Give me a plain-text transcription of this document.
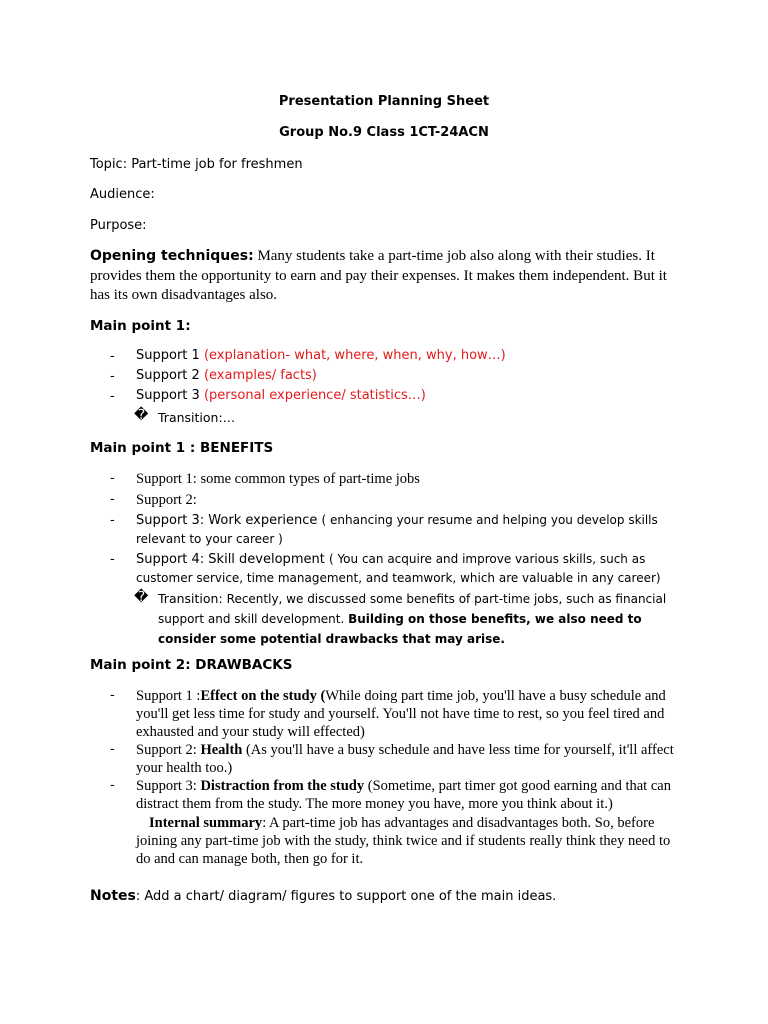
Presentation Planning Sheet
Group No.9 Class 1CT-24ACN
Topic: Part-time job for freshmen
Audience:
Purpose:
Opening techniques: Many students take a part-time job also along with their studies. It provides them the opportunity to earn and pay their expenses. It makes them independent. But it has its own disadvantages also.
Main point 1:
- Support 1 (explanation- what, where, when, why, how…)
- Support 2 (examples/ facts)
- Support 3 (personal experience/ statistics…)
� Transition:…
Main point 1 : BENEFITS
- Support 1: some common types of part-time jobs
- Support 2:
- Support 3: Work experience ( enhancing your resume and helping you develop skills relevant to your career )
- Support 4: Skill development ( You can acquire and improve various skills, such as customer service, time management, and teamwork, which are valuable in any career)
� Transition: Recently, we discussed some benefits of part-time jobs, such as financial support and skill development. Building on those benefits, we also need to consider some potential drawbacks that may arise.
Main point 2: DRAWBACKS
- Support 1 :Effect on the study (While doing part time job, you'll have a busy schedule and you'll get less time for study and yourself. You'll not have time to rest, so you feel tired and exhausted and your study will effected)
- Support 2: Health (As you'll have a busy schedule and have less time for yourself, it'll affect your health too.)
- Support 3: Distraction from the study (Sometime, part timer got good earning and that can distract them from the study. The more money you have, more you think about it.)
Internal summary: A part-time job has advantages and disadvantages both. So, before joining any part-time job with the study, think twice and if students really think they need to do and can manage both, then go for it.
Notes: Add a chart/ diagram/ figures to support one of the main ideas.
